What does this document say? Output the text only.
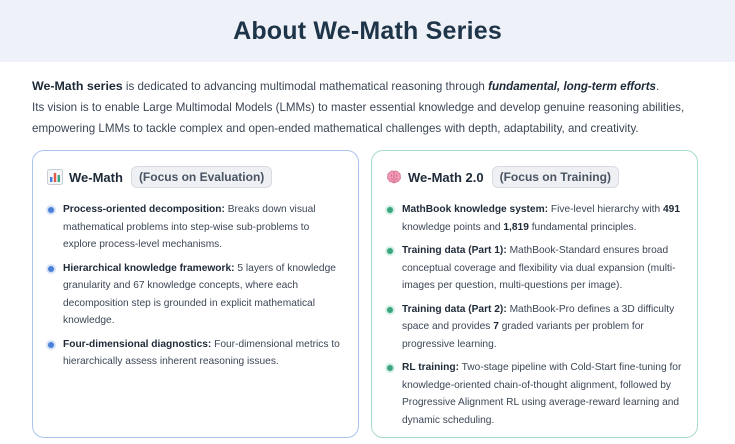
About We-Math Series
We-Math series is dedicated to advancing multimodal mathematical reasoning through fundamental, long-term efforts.
Its vision is to enable Large Multimodal Models (LMMs) to master essential knowledge and develop genuine reasoning abilities,
empowering LMMs to tackle complex and open-ended mathematical challenges with depth, adaptability, and creativity.
We-Math	(Focus on Evaluation)
Process-oriented decomposition: Breaks down visual mathematical problems into step-wise sub-problems to explore process-level mechanisms.
Hierarchical knowledge framework: 5 layers of knowledge granularity and 67 knowledge concepts, where each decomposition step is grounded in explicit mathematical knowledge.
Four-dimensional diagnostics: Four-dimensional metrics to hierarchically assess inherent reasoning issues.
We-Math 2.0	(Focus on Training)
MathBook knowledge system: Five-level hierarchy with 491 knowledge points and 1,819 fundamental principles.
Training data (Part 1): MathBook-Standard ensures broad conceptual coverage and flexibility via dual expansion (multi-images per question, multi-questions per image).
Training data (Part 2): MathBook-Pro defines a 3D difficulty space and provides 7 graded variants per problem for progressive learning.
RL training: Two-stage pipeline with Cold-Start fine-tuning for knowledge-oriented chain-of-thought alignment, followed by Progressive Alignment RL using average-reward learning and dynamic scheduling.
